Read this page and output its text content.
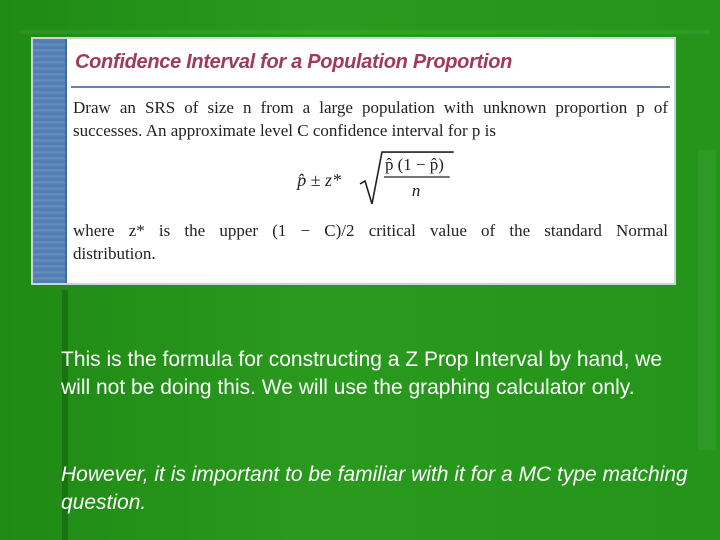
Confidence Interval for a Population Proportion
Draw an SRS of size n from a large population with unknown proportion p of successes. An approximate level C confidence interval for p is
p̂ ± z*
p̂ (1 − p̂)
n
where z* is the upper (1 − C)/2 critical value of the standard Normal
distribution.
This is the formula for constructing a Z Prop Interval by hand, we will not be doing this. We will use the graphing calculator only.
However, it is important to be familiar with it for a MC type matching question.
